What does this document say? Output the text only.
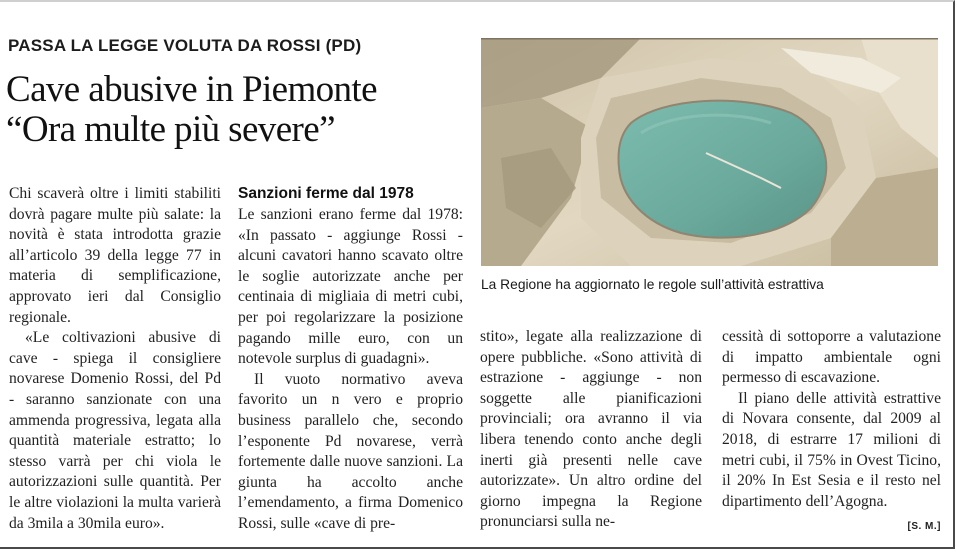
PASSA LA LEGGE VOLUTA DA ROSSI (PD)
Cave abusive in Piemonte
“Ora multe più severe”

Chi scaverà oltre i limiti stabiliti dovrà pagare multe più salate: la novità è stata introdotta grazie all’articolo 39 della legge 77 in materia di semplificazione, approvato ieri dal Consiglio regionale.

«Le coltivazioni abusive di cave - spiega il consigliere novarese Domenio Rossi, del Pd - saranno sanzionate con una ammenda progressiva, legata alla quantità materiale estratto; lo stesso varrà per chi viola le autorizzazioni sulle quantità. Per le altre violazioni la multa varierà da 3mila a 30mila euro».

Sanzioni ferme dal 1978

Le sanzioni erano ferme dal 1978: «In passato - aggiunge Rossi - alcuni cavatori hanno scavato oltre le soglie autorizzate anche per centinaia di migliaia di metri cubi, per poi regolarizzare la posizione pagando mille euro, con un notevole surplus di guadagni».

Il vuoto normativo aveva favorito un n vero e proprio business parallelo che, secondo l’esponente Pd novarese, verrà fortemente dalle nuove sanzioni. La giunta ha accolto anche l’emendamento, a firma Domenico Rossi, sulle «cave di pre-

La Regione ha aggiornato le regole sull’attività estrattiva

stito», legate alla realizzazione di opere pubbliche. «Sono attività di estrazione - aggiunge - non soggette alle pianificazioni provinciali; ora avranno il via libera tenendo conto anche degli inerti già presenti nelle cave autorizzate». Un altro ordine del giorno impegna la Regione pronunciarsi sulla ne-

cessità di sottoporre a valutazione di impatto ambientale ogni permesso di escavazione.

Il piano delle attività estrattive di Novara consente, dal 2009 al 2018, di estrarre 17 milioni di metri cubi, il 75% in Ovest Ticino, il 20% In Est Sesia e il resto nel dipartimento dell’Agogna.

[S. M.]
